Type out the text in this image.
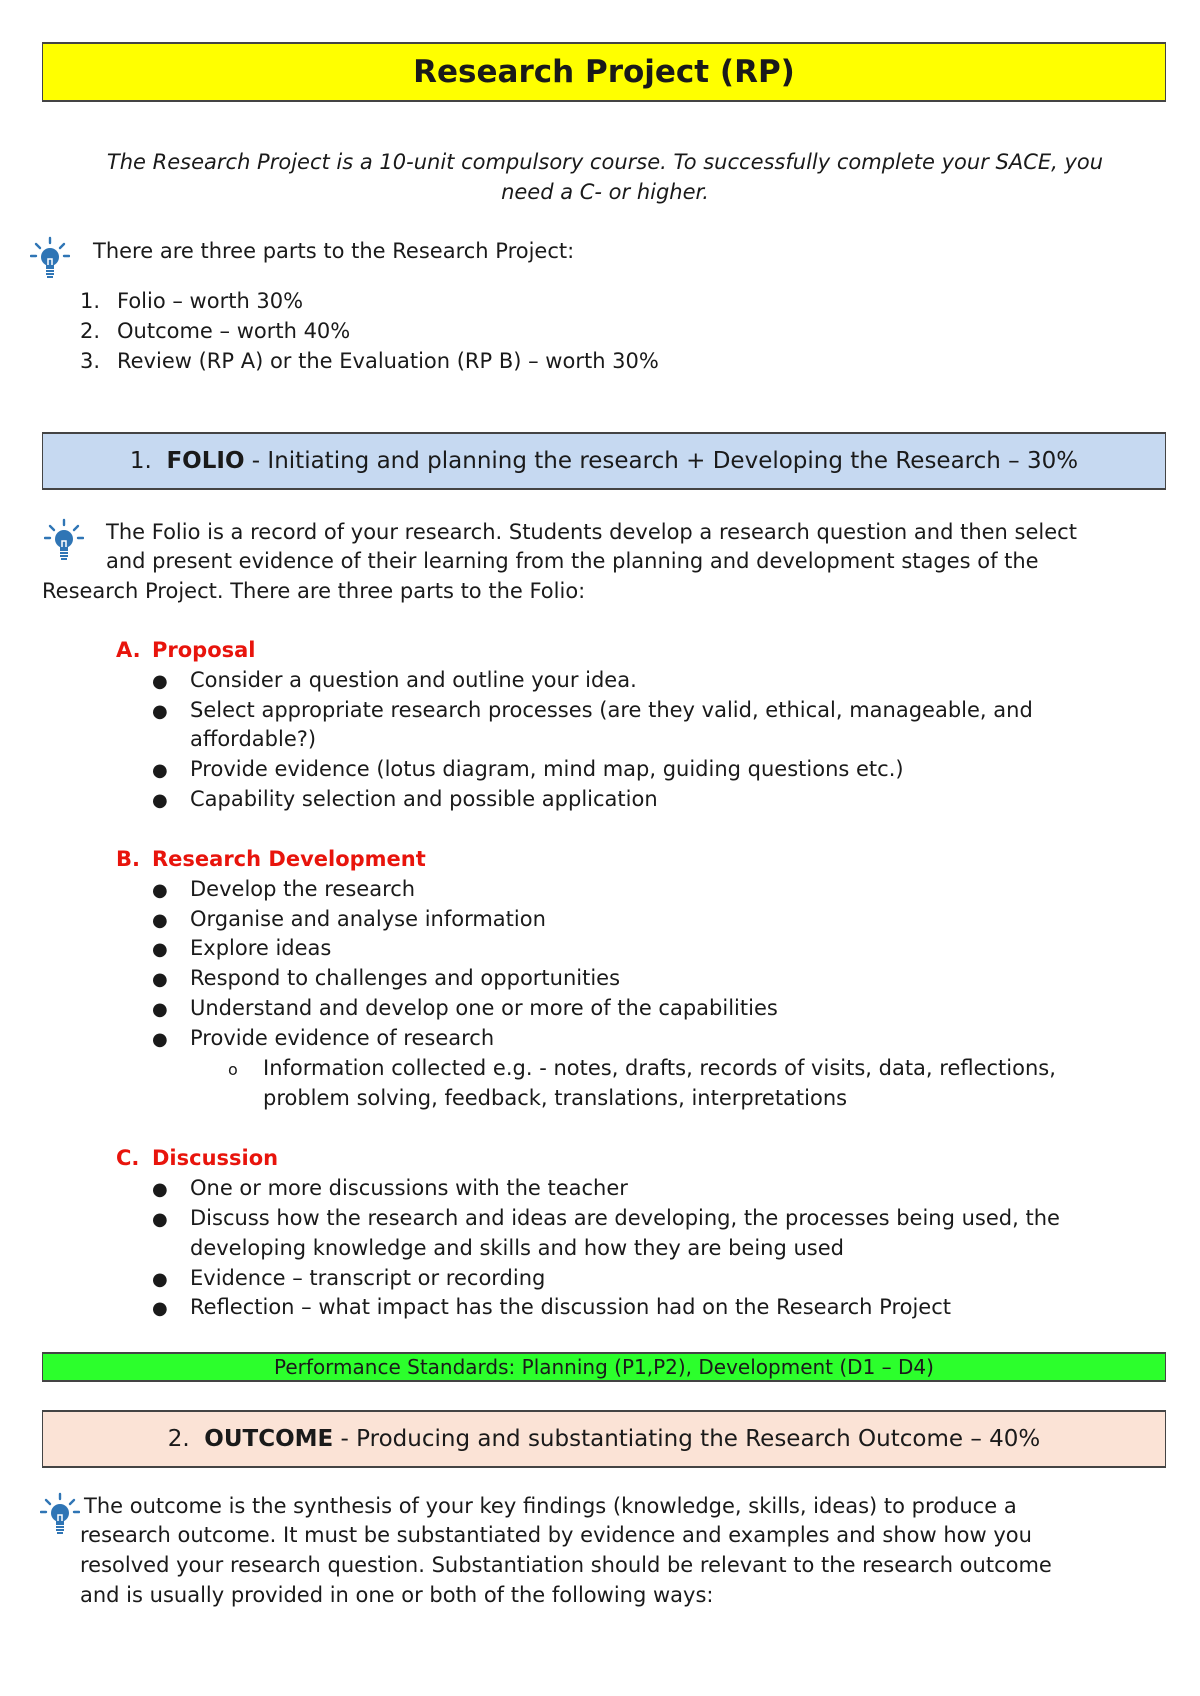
Research Project (RP)
The Research Project is a 10-unit compulsory course. To successfully complete your SACE, you
need a C- or higher.
There are three parts to the Research Project:
1. Folio – worth 30%
2. Outcome – worth 40%
3. Review (RP A) or the Evaluation (RP B) – worth 30%
1. FOLIO - Initiating and planning the research + Developing the Research – 30%
The Folio is a record of your research. Students develop a research question and then select
and present evidence of their learning from the planning and development stages of the
Research Project. There are three parts to the Folio:
A. Proposal
● Consider a question and outline your idea.
● Select appropriate research processes (are they valid, ethical, manageable, and
affordable?)
● Provide evidence (lotus diagram, mind map, guiding questions etc.)
● Capability selection and possible application
B. Research Development
● Develop the research
● Organise and analyse information
● Explore ideas
● Respond to challenges and opportunities
● Understand and develop one or more of the capabilities
● Provide evidence of research
o Information collected e.g. - notes, drafts, records of visits, data, reflections,
problem solving, feedback, translations, interpretations
C. Discussion
● One or more discussions with the teacher
● Discuss how the research and ideas are developing, the processes being used, the
developing knowledge and skills and how they are being used
● Evidence – transcript or recording
● Reflection – what impact has the discussion had on the Research Project
Performance Standards: Planning (P1,P2), Development (D1 – D4)
2. OUTCOME - Producing and substantiating the Research Outcome – 40%
The outcome is the synthesis of your key findings (knowledge, skills, ideas) to produce a
research outcome. It must be substantiated by evidence and examples and show how you
resolved your research question. Substantiation should be relevant to the research outcome
and is usually provided in one or both of the following ways:
